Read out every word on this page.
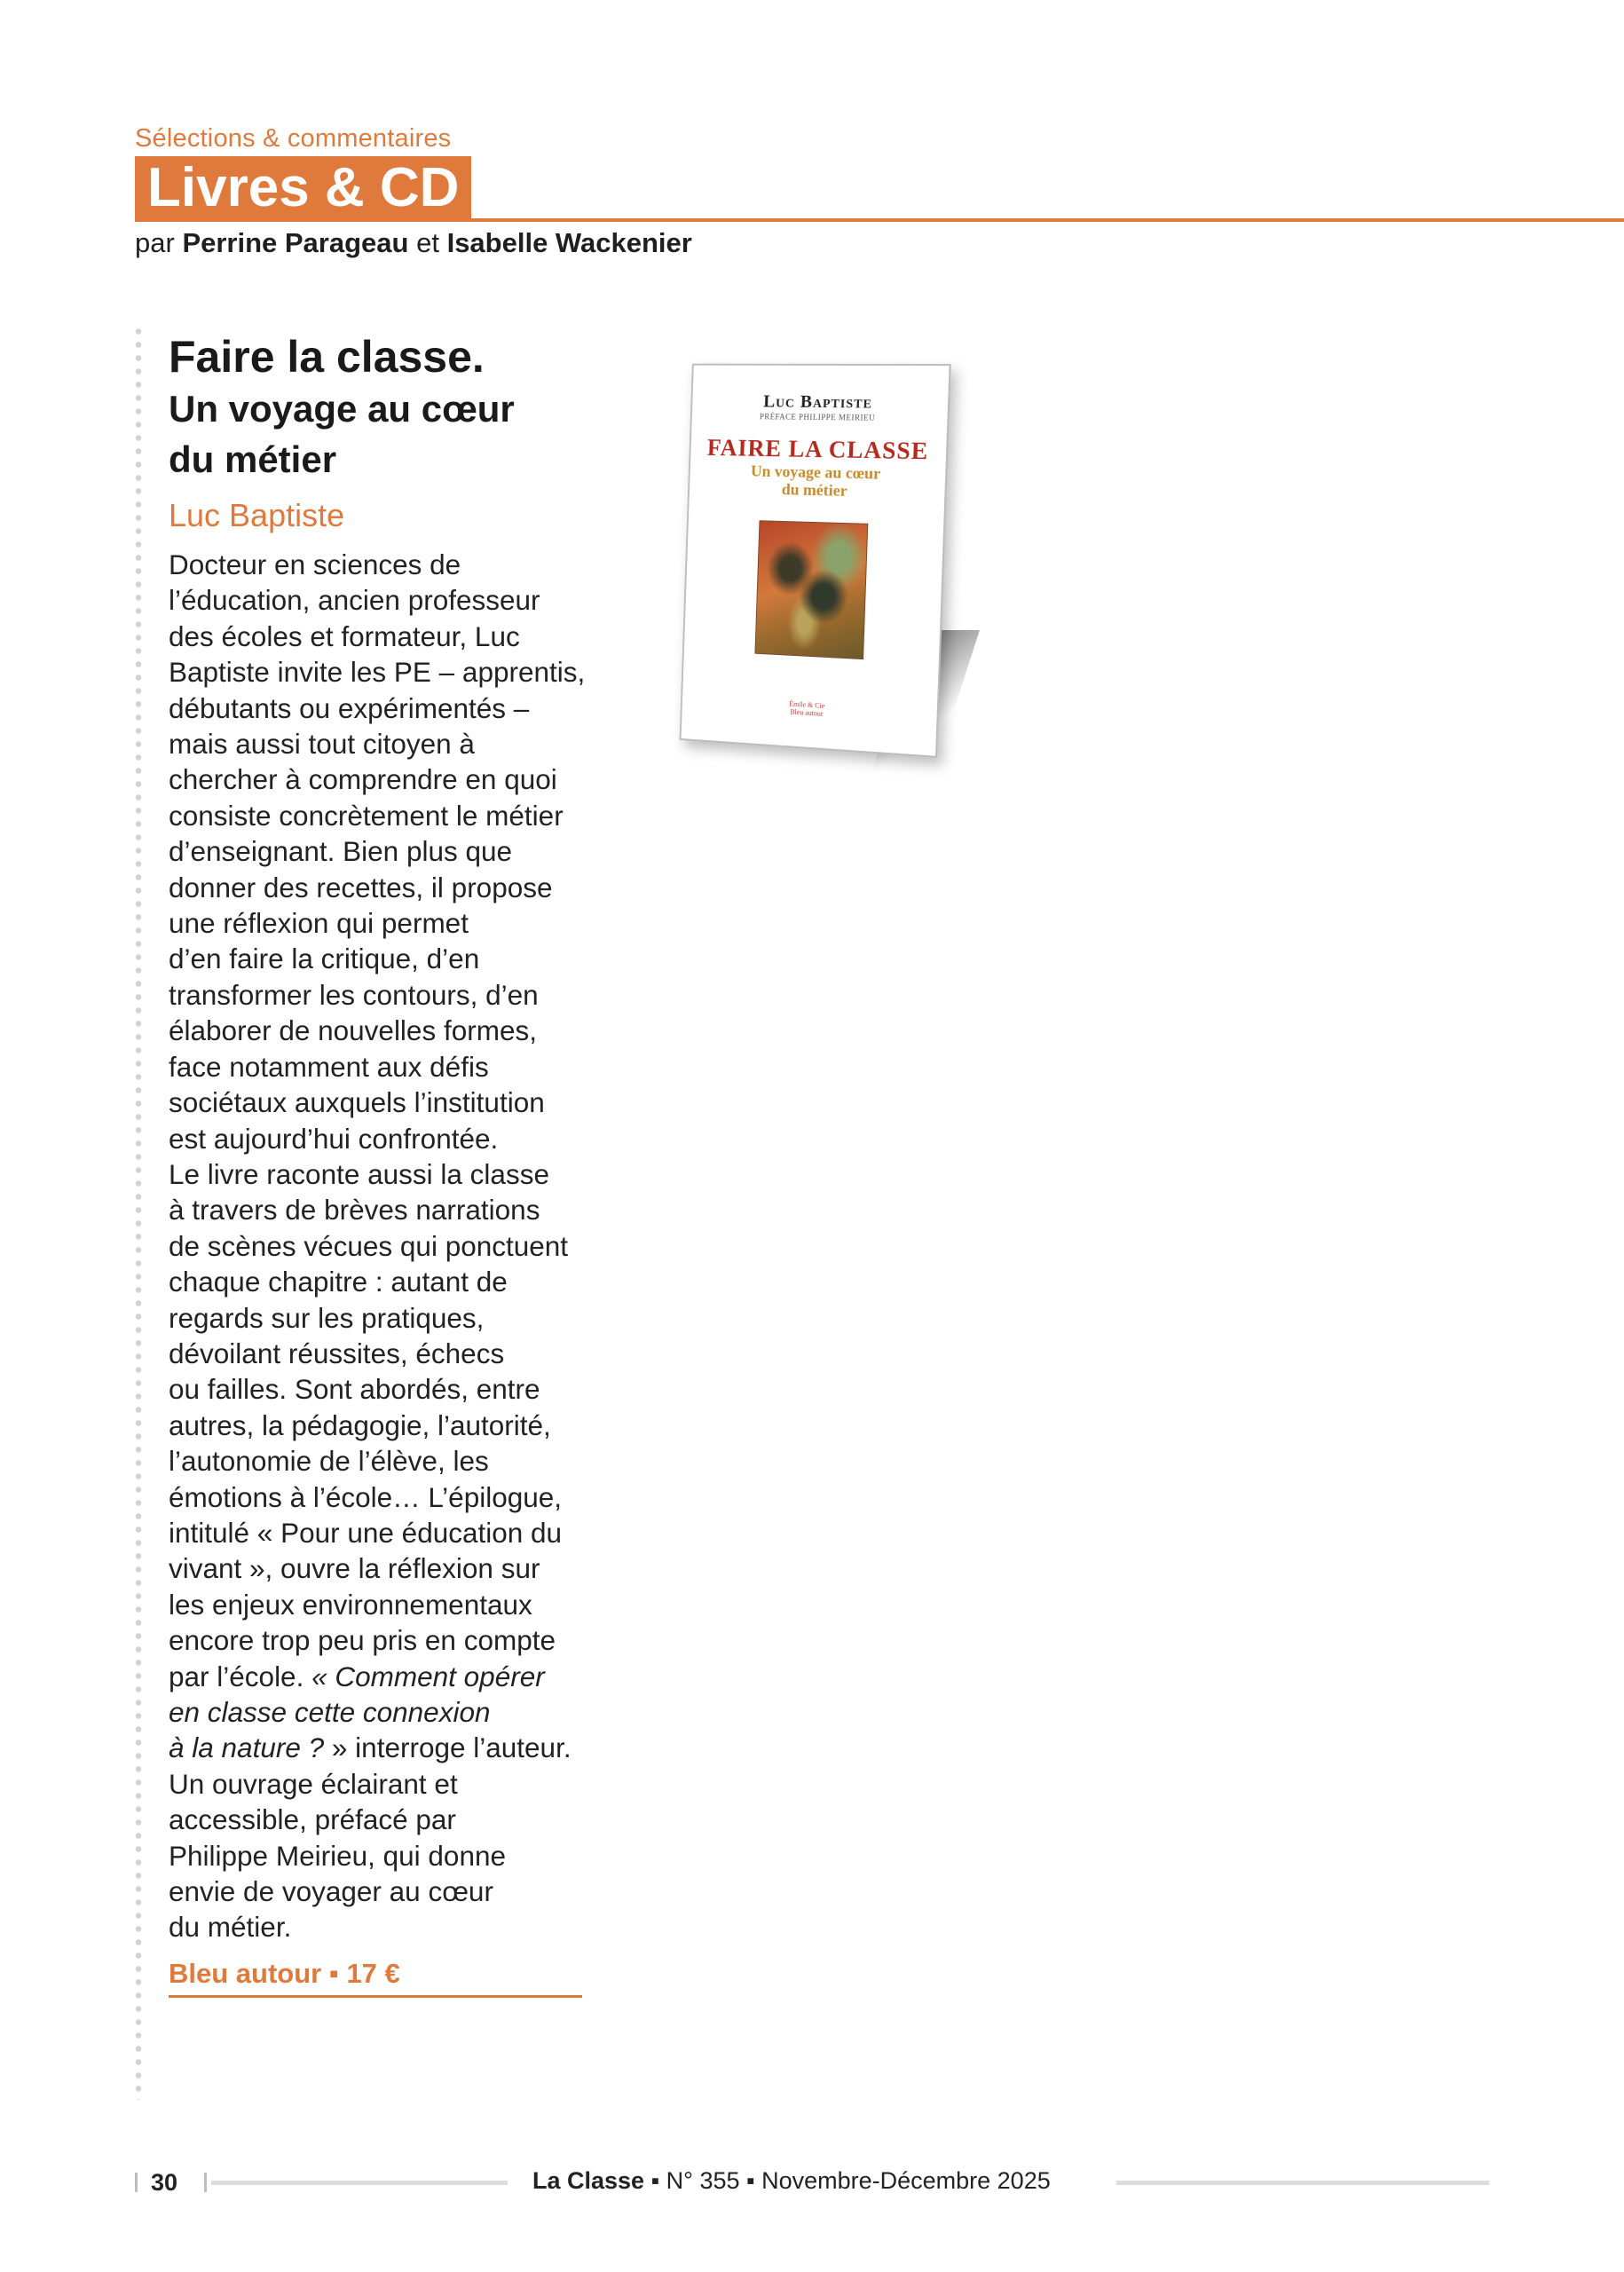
Sélections & commentaires
Livres & CD
par Perrine Parageau et Isabelle Wackenier
Faire la classe.
Un voyage au cœur
du métier
Luc Baptiste
Docteur en sciences de
l’éducation, ancien professeur
des écoles et formateur, Luc
Baptiste invite les PE – apprentis,
débutants ou expérimentés –
mais aussi tout citoyen à
chercher à comprendre en quoi
consiste concrètement le métier
d’enseignant. Bien plus que
donner des recettes, il propose
une réflexion qui permet
d’en faire la critique, d’en
transformer les contours, d’en
élaborer de nouvelles formes,
face notamment aux défis
sociétaux auxquels l’institution
est aujourd’hui confrontée.
Le livre raconte aussi la classe
à travers de brèves narrations
de scènes vécues qui ponctuent
chaque chapitre : autant de
regards sur les pratiques,
dévoilant réussites, échecs
ou failles. Sont abordés, entre
autres, la pédagogie, l’autorité,
l’autonomie de l’élève, les
émotions à l’école… L’épilogue,
intitulé « Pour une éducation du
vivant », ouvre la réflexion sur
les enjeux environnementaux
encore trop peu pris en compte

par l’école. « Comment opérer
en classe cette connexion
à la nature ? » interroge l’auteur.

Un ouvrage éclairant et
accessible, préfacé par
Philippe Meirieu, qui donne
envie de voyager au cœur
du métier.
Bleu autour ▪ 17 €
Luc Baptiste
PRÉFACE PHILIPPE MEIRIEU
FAIRE LA CLASSE
Un voyage au cœur
du métier
Émile & Cie
Bleu autour
30	La Classe ▪ N° 355 ▪ Novembre-Décembre 2025
